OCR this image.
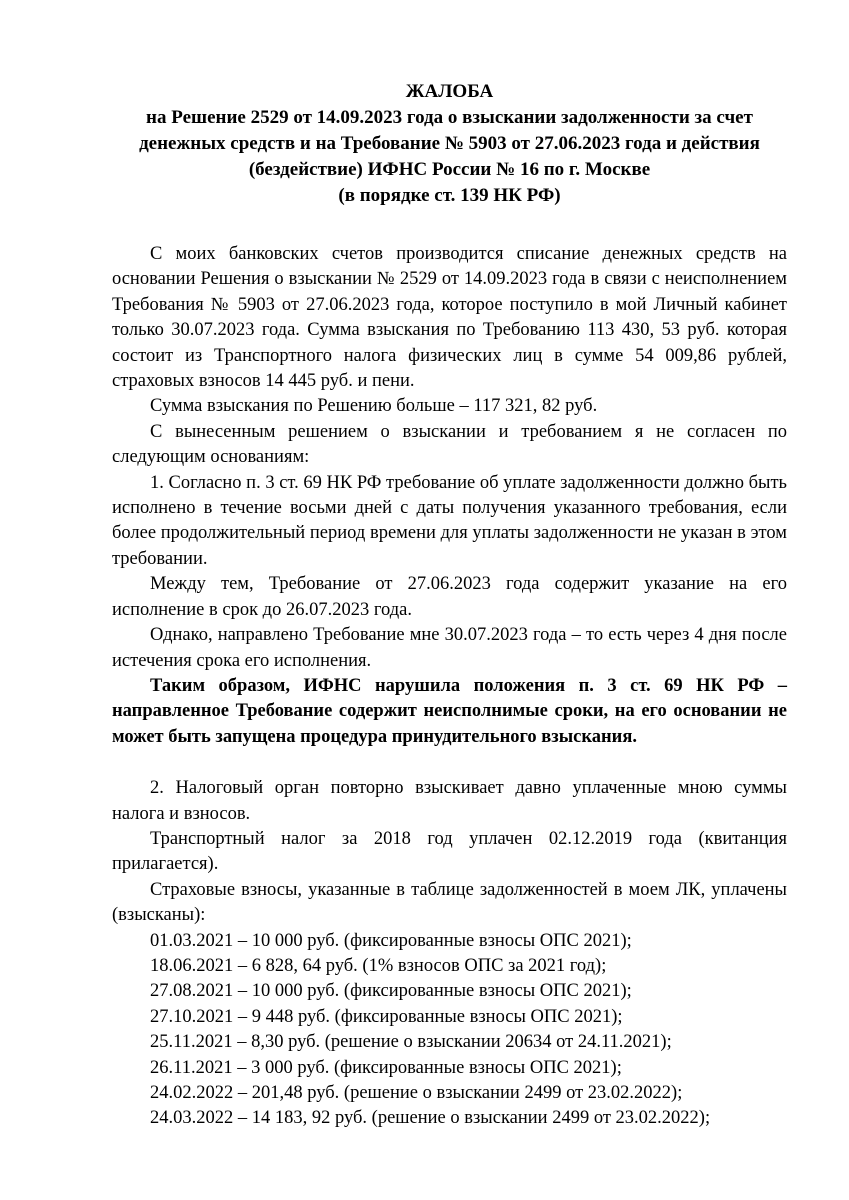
ЖАЛОБА
на Решение 2529 от 14.09.2023 года о взыскании задолженности за счет
денежных средств и на Требование № 5903 от 27.06.2023 года и действия
(бездействие) ИФНС России № 16 по г. Москве
(в порядке ст. 139 НК РФ)

С моих банковских счетов производится списание денежных средств на основании Решения о взыскании № 2529 от 14.09.2023 года в связи с неисполнением Требования № 5903 от 27.06.2023 года, которое поступило в мой Личный кабинет только 30.07.2023 года. Сумма взыскания по Требованию 113 430, 53 руб. которая состоит из Транспортного налога физических лиц в сумме 54 009,86 рублей, страховых взносов 14 445 руб. и пени.

Сумма взыскания по Решению больше – 117 321, 82 руб.

С вынесенным решением о взыскании и требованием я не согласен по следующим основаниям:

1. Согласно п. 3 ст. 69 НК РФ требование об уплате задолженности должно быть исполнено в течение восьми дней с даты получения указанного требования, если более продолжительный период времени для уплаты задолженности не указан в этом требовании.

Между тем, Требование от 27.06.2023 года содержит указание на его исполнение в срок до 26.07.2023 года.

Однако, направлено Требование мне 30.07.2023 года – то есть через 4 дня после истечения срока его исполнения.

Таким образом, ИФНС нарушила положения п. 3 ст. 69 НК РФ – направленное Требование содержит неисполнимые сроки, на его основании не может быть запущена процедура принудительного взыскания.

2. Налоговый орган повторно взыскивает давно уплаченные мною суммы налога и взносов.

Транспортный налог за 2018 год уплачен 02.12.2019 года (квитанция прилагается).

Страховые взносы, указанные в таблице задолженностей в моем ЛК, уплачены (взысканы):

01.03.2021 – 10 000 руб. (фиксированные взносы ОПС 2021);
18.06.2021 – 6 828, 64 руб. (1% взносов ОПС за 2021 год);
27.08.2021 – 10 000 руб. (фиксированные взносы ОПС 2021);
27.10.2021 – 9 448 руб. (фиксированные взносы ОПС 2021);
25.11.2021 – 8,30 руб. (решение о взыскании 20634 от 24.11.2021);
26.11.2021 – 3 000 руб. (фиксированные взносы ОПС 2021);
24.02.2022 – 201,48 руб. (решение о взыскании 2499 от 23.02.2022);
24.03.2022 – 14 183, 92 руб. (решение о взыскании 2499 от 23.02.2022);
